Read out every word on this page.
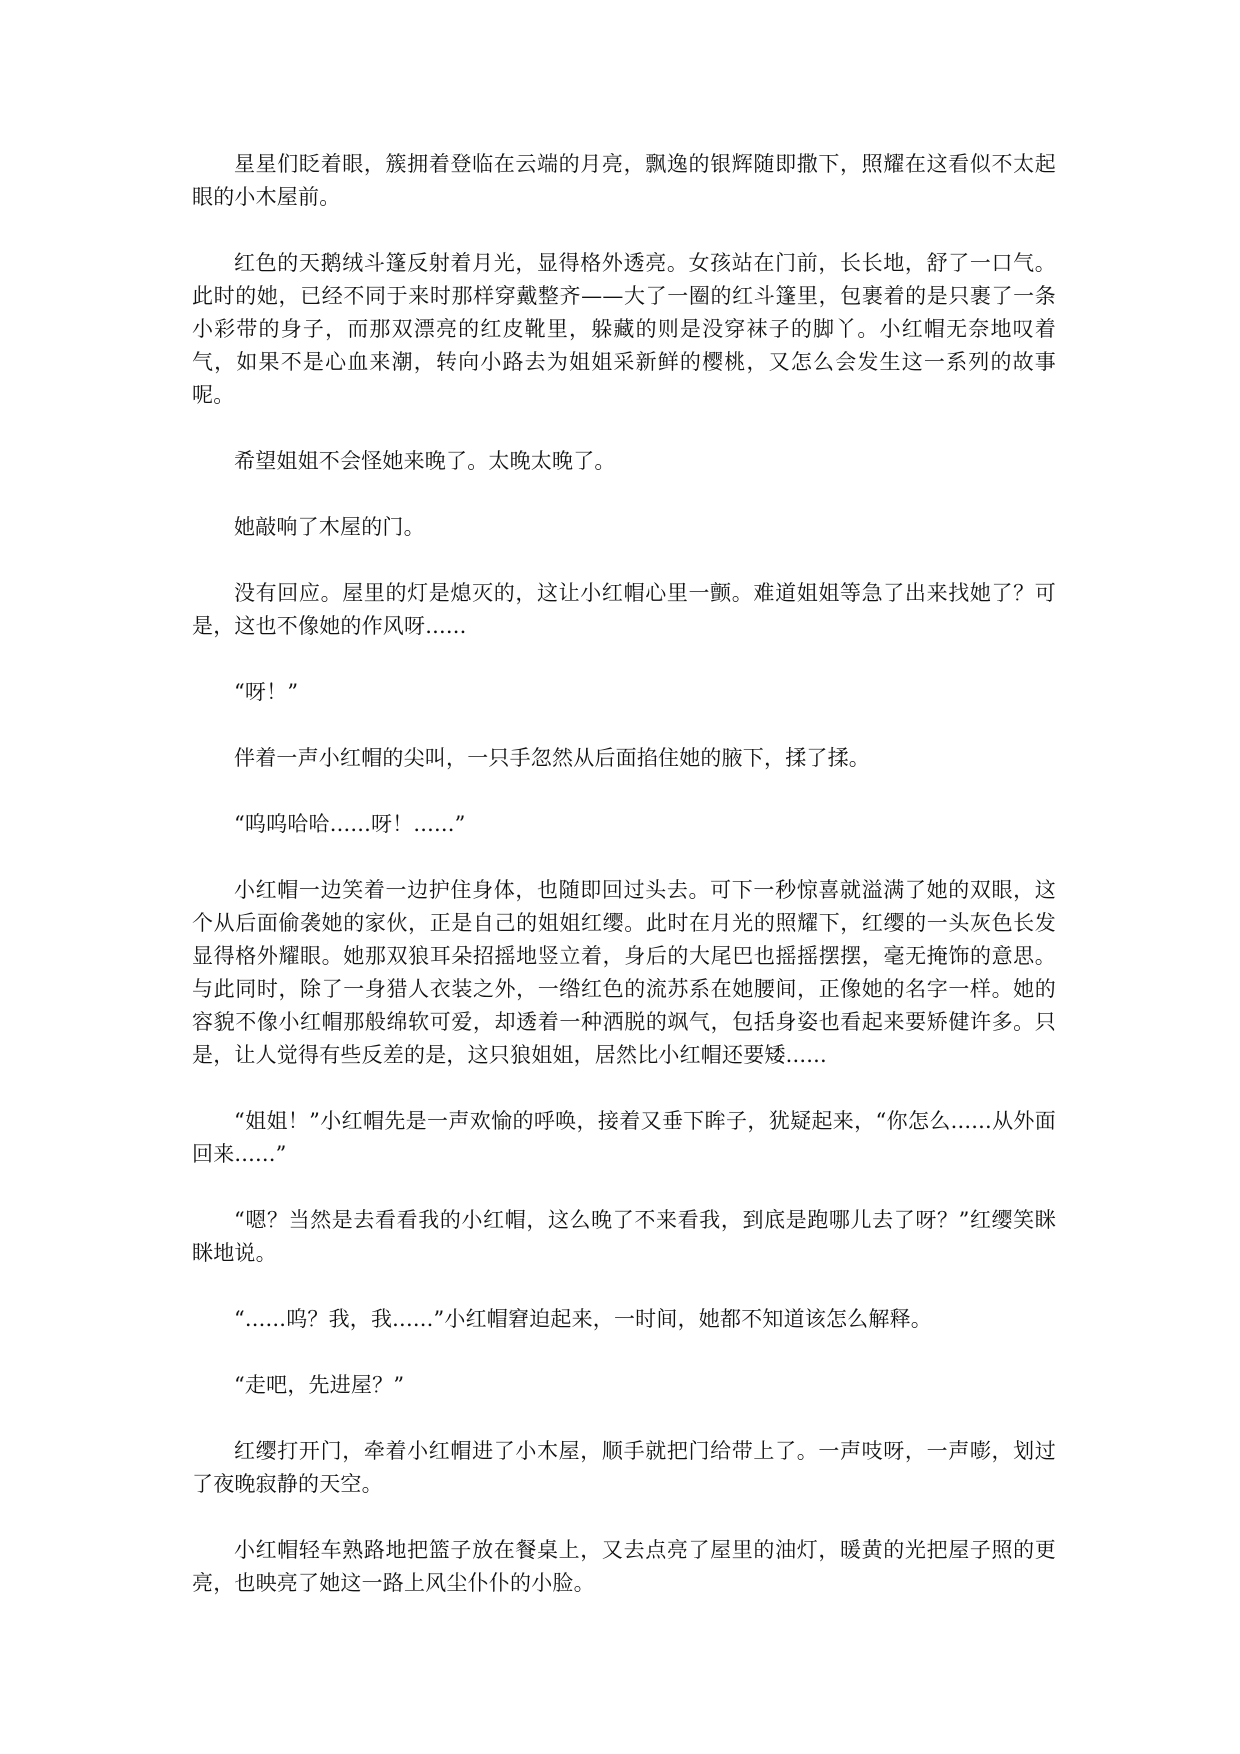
星星们眨着眼，簇拥着登临在云端的月亮，飘逸的银辉随即撒下，照耀在这看似不太起眼的小木屋前。

红色的天鹅绒斗篷反射着月光，显得格外透亮。女孩站在门前，长长地，舒了一口气。此时的她，已经不同于来时那样穿戴整齐——大了一圈的红斗篷里，包裹着的是只裹了一条小彩带的身子，而那双漂亮的红皮靴里，躲藏的则是没穿袜子的脚丫。小红帽无奈地叹着气，如果不是心血来潮，转向小路去为姐姐采新鲜的樱桃，又怎么会发生这一系列的故事呢。

希望姐姐不会怪她来晚了。太晚太晚了。

她敲响了木屋的门。

没有回应。屋里的灯是熄灭的，这让小红帽心里一颤。难道姐姐等急了出来找她了？可是，这也不像她的作风呀......

“呀！”

伴着一声小红帽的尖叫，一只手忽然从后面掐住她的腋下，揉了揉。

“呜呜哈哈......呀！......”

小红帽一边笑着一边护住身体，也随即回过头去。可下一秒惊喜就溢满了她的双眼，这个从后面偷袭她的家伙，正是自己的姐姐红缨。此时在月光的照耀下，红缨的一头灰色长发显得格外耀眼。她那双狼耳朵招摇地竖立着，身后的大尾巴也摇摇摆摆，毫无掩饰的意思。与此同时，除了一身猎人衣装之外，一绺红色的流苏系在她腰间，正像她的名字一样。她的容貌不像小红帽那般绵软可爱，却透着一种洒脱的飒气，包括身姿也看起来要矫健许多。只是，让人觉得有些反差的是，这只狼姐姐，居然比小红帽还要矮......

“姐姐！”小红帽先是一声欢愉的呼唤，接着又垂下眸子，犹疑起来，“你怎么......从外面回来......”

“嗯？当然是去看看我的小红帽，这么晚了不来看我，到底是跑哪儿去了呀？”红缨笑眯眯地说。

“......呜？我，我......”小红帽窘迫起来，一时间，她都不知道该怎么解释。

“走吧，先进屋？”

红缨打开门，牵着小红帽进了小木屋，顺手就把门给带上了。一声吱呀，一声嘭，划过了夜晚寂静的天空。

小红帽轻车熟路地把篮子放在餐桌上，又去点亮了屋里的油灯，暖黄的光把屋子照的更亮，也映亮了她这一路上风尘仆仆的小脸。
